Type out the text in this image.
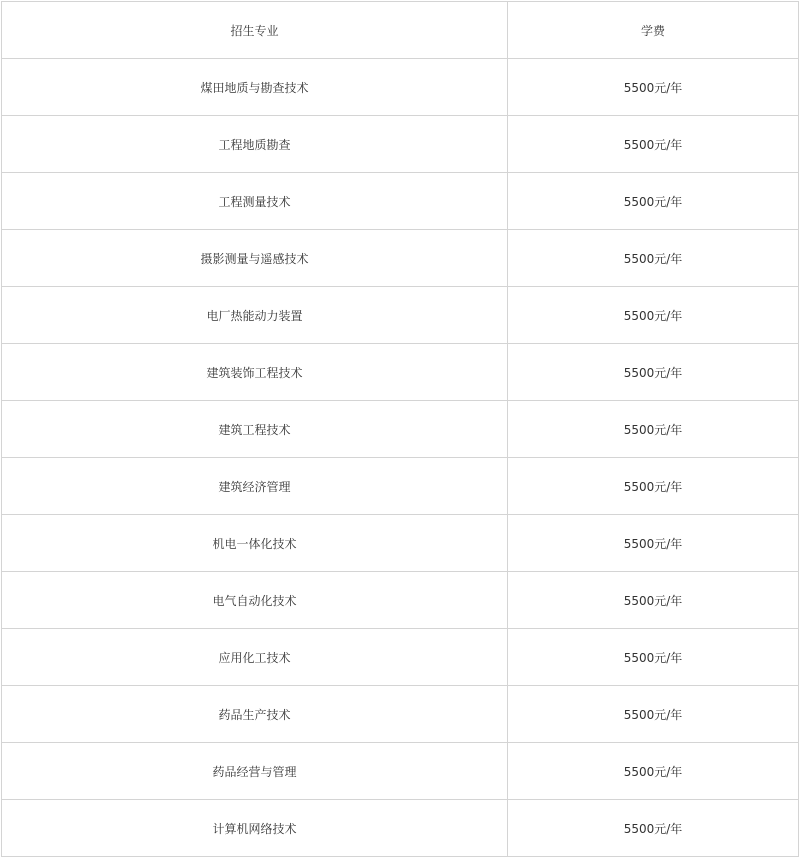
招生专业	学费
煤田地质与勘查技术	5500元/年
工程地质勘查	5500元/年
工程测量技术	5500元/年
摄影测量与遥感技术	5500元/年
电厂热能动力装置	5500元/年
建筑装饰工程技术	5500元/年
建筑工程技术	5500元/年
建筑经济管理	5500元/年
机电一体化技术	5500元/年
电气自动化技术	5500元/年
应用化工技术	5500元/年
药品生产技术	5500元/年
药品经营与管理	5500元/年
计算机网络技术	5500元/年
